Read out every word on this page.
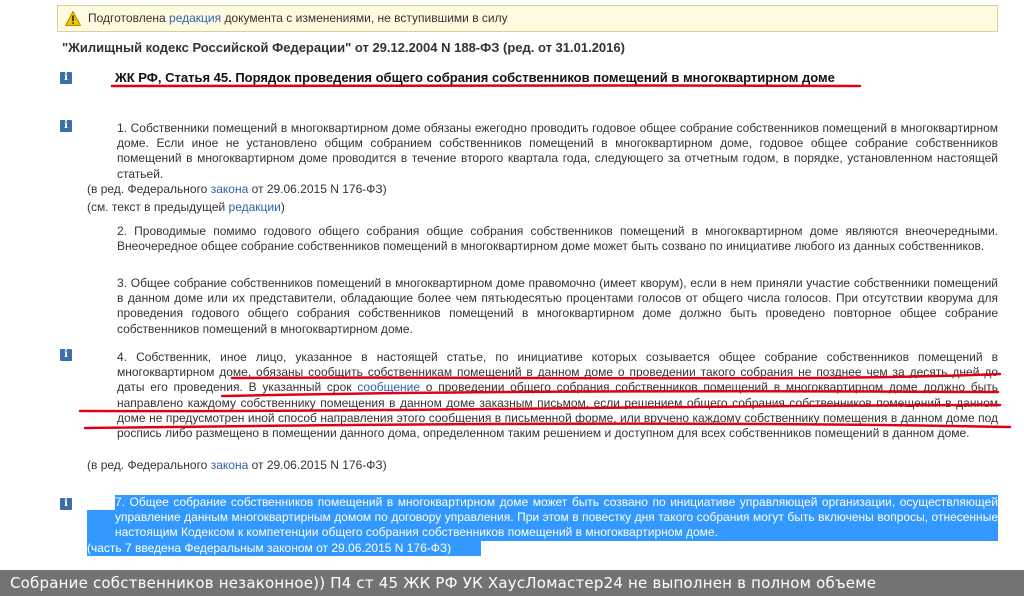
Подготовлена редакция документа с изменениями, не вступившими в силу
"Жилищный кодекс Российской Федерации" от 29.12.2004 N 188-ФЗ (ред. от 31.01.2016)
i
i
i
i
ЖК РФ, Статья 45. Порядок проведения общего собрания собственников помещений в многоквартирном доме
1. Собственники помещений в многоквартирном доме обязаны ежегодно проводить годовое общее собрание собственников помещений в многоквартирном доме. Если иное не установлено общим собранием собственников помещений в многоквартирном доме, годовое общее собрание собственников помещений в многоквартирном доме проводится в течение второго квартала года, следующего за отчетным годом, в порядке, установленном настоящей статьей.
(в ред. Федерального закона от 29.06.2015 N 176-ФЗ)
(см. текст в предыдущей редакции)
2. Проводимые помимо годового общего собрания общие собрания собственников помещений в многоквартирном доме являются внеочередными. Внеочередное общее собрание собственников помещений в многоквартирном доме может быть созвано по инициативе любого из данных собственников.
3. Общее собрание собственников помещений в многоквартирном доме правомочно (имеет кворум), если в нем приняли участие собственники помещений в данном доме или их представители, обладающие более чем пятьюдесятью процентами голосов от общего числа голосов. При отсутствии кворума для проведения годового общего собрания собственников помещений в многоквартирном доме должно быть проведено повторное общее собрание собственников помещений в многоквартирном доме.
4. Собственник, иное лицо, указанное в настоящей статье, по инициативе которых созывается общее собрание собственников помещений в многоквартирном доме, обязаны сообщить собственникам помещений в данном доме о проведении такого собрания не позднее чем за десять дней до даты его проведения. В указанный срок сообщение о проведении общего собрания собственников помещений в многоквартирном доме должно быть направлено каждому собственнику помещения в данном доме заказным письмом, если решением общего собрания собственников помещений в данном доме не предусмотрен иной способ направления этого сообщения в письменной форме, или вручено каждому собственнику помещения в данном доме под роспись либо размещено в помещении данного дома, определенном таким решением и доступном для всех собственников помещений в данном доме.
(в ред. Федерального закона от 29.06.2015 N 176-ФЗ)
7. Общее собрание собственников помещений в многоквартирном доме может быть созвано по инициативе управляющей организации, осуществляющей управление данным многоквартирным домом по договору управления. При этом в повестку дня такого собрания могут быть включены вопросы, отнесенные настоящим Кодексом к компетенции общего собрания собственников помещений в многоквартирном доме.
(часть 7 введена Федеральным законом от 29.06.2015 N 176-ФЗ)
Собрание собственников незаконное)) П4 ст 45 ЖК РФ УК ХаусЛомастер24 не выполнен в полном объеме
